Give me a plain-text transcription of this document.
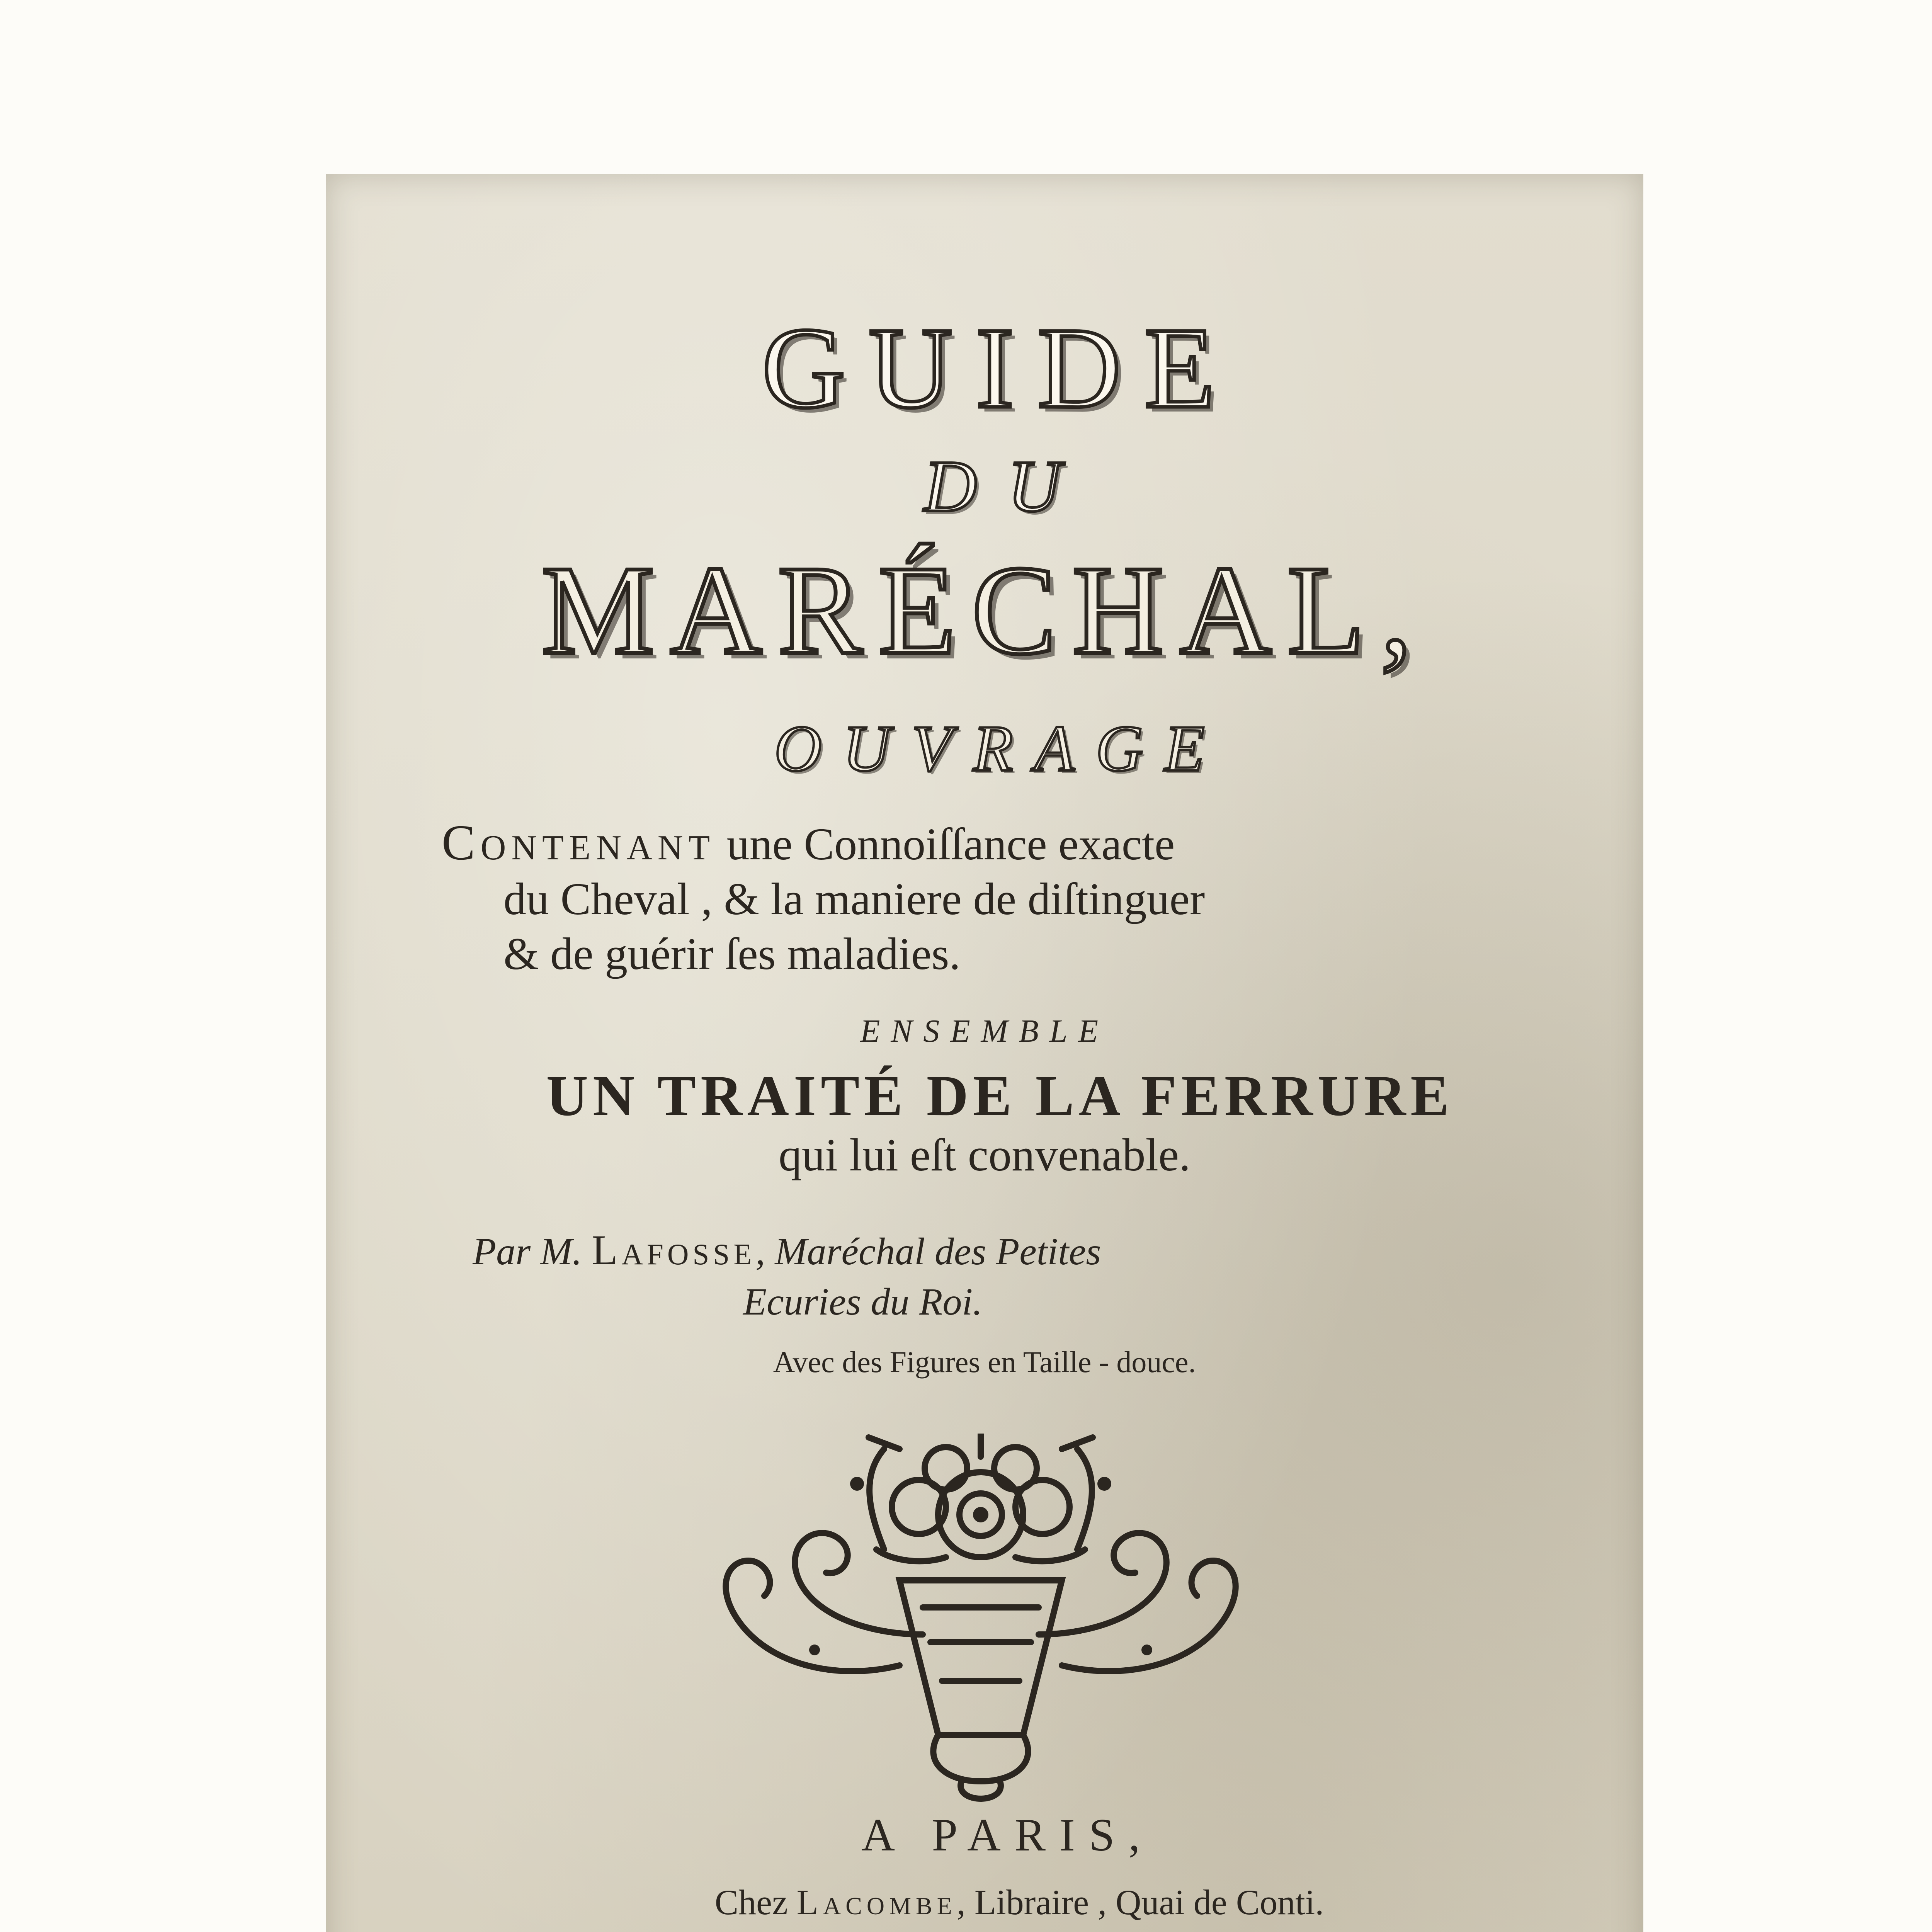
GUIDE
DU
MARÉCHAL,
OUVRAGE
Contenant une Connoiſſance exacte
du Cheval , & la maniere de diſtinguer
& de guérir ſes maladies.
ENSEMBLE
UN TRAITÉ DE LA FERRURE
qui lui eſt convenable.
Par M. Lafosse, Maréchal des Petites
Ecuries du Roi.
Avec des Figures en Taille - douce.
A PARIS,
Chez Lacombe, Libraire , Quai de Conti.
